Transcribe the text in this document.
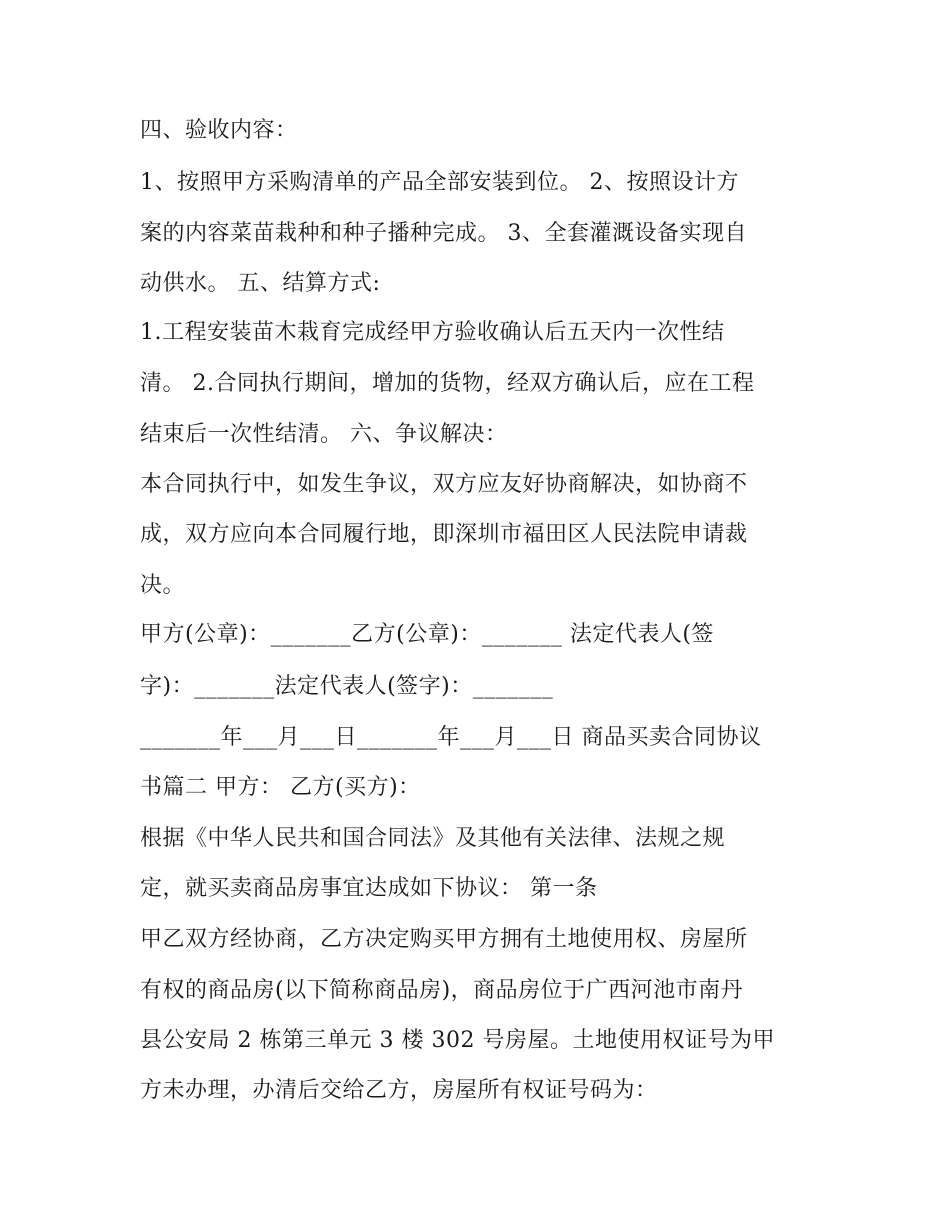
四、验收内容：
1、按照甲方采购清单的产品全部安装到位。 2、按照设计方
案的内容菜苗栽种和种子播种完成。 3、全套灌溉设备实现自
动供水。 五、结算方式:
1.工程安装苗木栽育完成经甲方验收确认后五天内一次性结
清。 2.合同执行期间，增加的货物，经双方确认后，应在工程
结束后一次性结清。 六、争议解决：
本合同执行中，如发生争议，双方应友好协商解决，如协商不
成，双方应向本合同履行地，即深圳市福田区人民法院申请裁
决。
甲方(公章)：_______乙方(公章)：_______ 法定代表人(签
字)：_______法定代表人(签字)：_______
_______年___月___日_______年___月___日 商品买卖合同协议
书篇二 甲方： 乙方(买方)：
根据《中华人民共和国合同法》及其他有关法律、法规之规
定，就买卖商品房事宜达成如下协议： 第一条
甲乙双方经协商，乙方决定购买甲方拥有土地使用权、房屋所
有权的商品房(以下简称商品房)，商品房位于广西河池市南丹
县公安局 2 栋第三单元 3 楼 302 号房屋。土地使用权证号为甲
方未办理，办清后交给乙方，房屋所有权证号码为：
